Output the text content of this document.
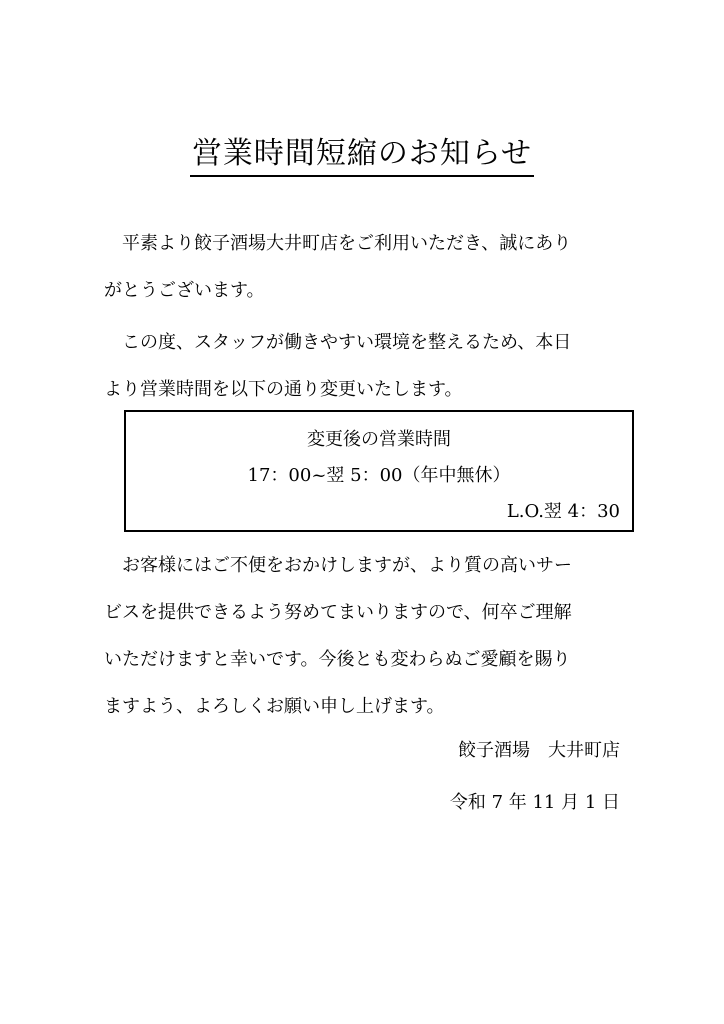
営業時間短縮のお知らせ

　平素より餃子酒場大井町店をご利用いただき、誠にあり
がとうございます。

　この度、スタッフが働きやすい環境を整えるため、本日
より営業時間を以下の通り変更いたします。

変更後の営業時間
17：00~翌 5：00（年中無休）
L.O.翌 4：30

　お客様にはご不便をおかけしますが、より質の高いサー
ビスを提供できるよう努めてまいりますので、何卒ご理解
いただけますと幸いです。今後とも変わらぬご愛顧を賜り
ますよう、よろしくお願い申し上げます。

餃子酒場　大井町店
令和 7 年 11 月 1 日
